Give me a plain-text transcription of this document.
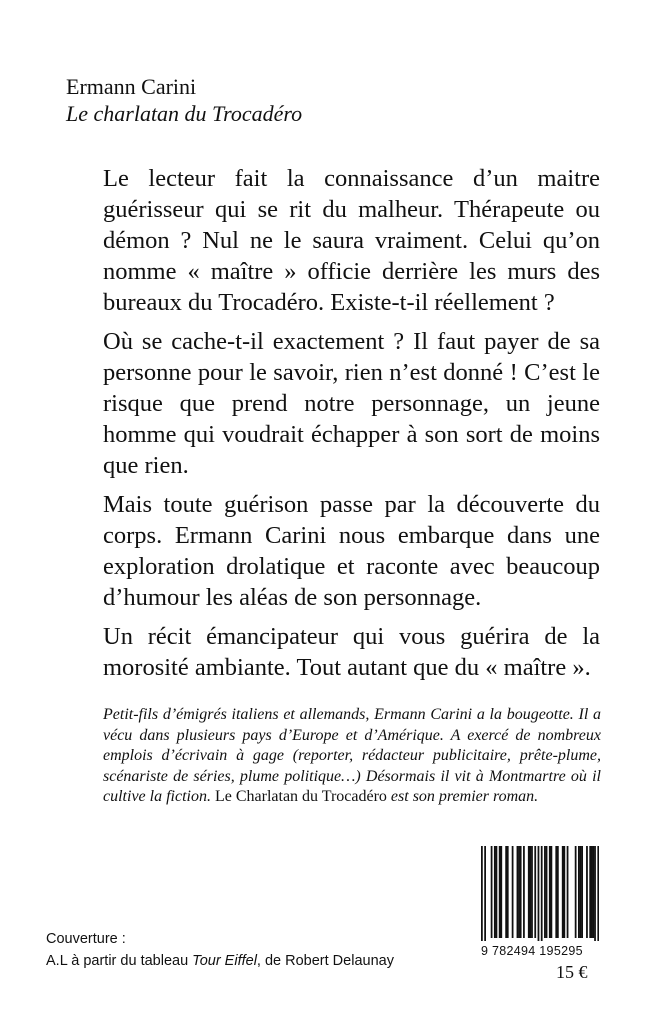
Ermann Carini
Le charlatan du Trocadéro

Le lecteur fait la connaissance d’un maitre guérisseur qui se rit du malheur. Thérapeute ou démon ? Nul ne le saura vraiment. Celui qu’on nomme « maître » officie derrière les murs des bureaux du Trocadéro. Existe-t-il réellement ?

Où se cache-t-il exactement ? Il faut payer de sa personne pour le savoir, rien n’est donné ! C’est le risque que prend notre personnage, un jeune homme qui voudrait échapper à son sort de moins que rien.

Mais toute guérison passe par la découverte du corps. Ermann Carini nous embarque dans une exploration drolatique et raconte avec beaucoup d’humour les aléas de son personnage.

Un récit émancipateur qui vous guérira de la morosité ambiante. Tout autant que du « maître ».

Petit-fils d’émigrés italiens et allemands, Ermann Carini a la bougeotte. Il a vécu dans plusieurs pays d’Europe et d’Amérique. A exercé de nombreux emplois d’écrivain à gage (reporter, rédacteur publicitaire, prête-plume, scénariste de séries, plume politique…) Désormais il vit à Montmartre où il cultive la fiction. Le Charlatan du Trocadéro est son premier roman.

9 782494 195295
15 €
Couverture :
A.L à partir du tableau Tour Eiffel, de Robert Delaunay
